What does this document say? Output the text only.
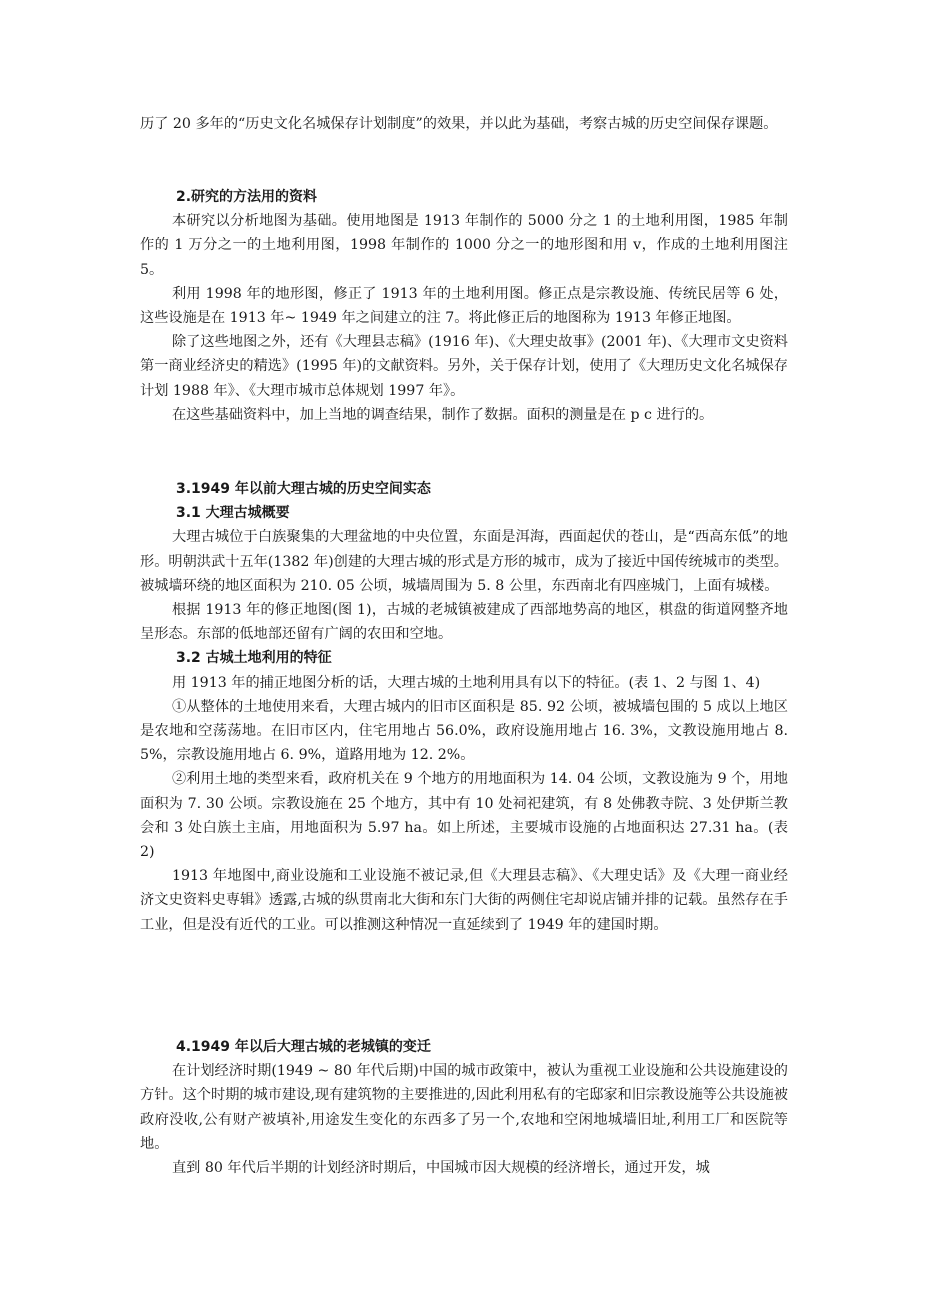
历了 20 多年的“历史文化名城保存计划制度”的效果，并以此为基础，考察古城的历史空间保存课题。

2.研究的方法用的资料

本研究以分析地图为基础。使用地图是 1913 年制作的 5000 分之 1 的土地利用图，1985 年制作的 1 万分之一的土地利用图，1998 年制作的 1000 分之一的地形图和用 v，作成的土地利用图注 5。

利用 1998 年的地形图，修正了 1913 年的土地利用图。修正点是宗教设施、传统民居等 6 处，这些设施是在 1913 年~ 1949 年之间建立的注 7。将此修正后的地图称为 1913 年修正地图。

除了这些地图之外，还有《大理县志稿》(1916 年)、《大理史故事》(2001 年)、《大理市文史资料第一商业经济史的精选》(1995 年)的文献资料。另外，关于保存计划，使用了《大理历史文化名城保存计划 1988 年》、《大理市城市总体规划 1997 年》。

在这些基础资料中，加上当地的调查结果，制作了数据。面积的测量是在 p c 进行的。

3.1949 年以前大理古城的历史空间实态

3.1 大理古城概要

大理古城位于白族聚集的大理盆地的中央位置，东面是洱海，西面起伏的苍山，是“西高东低”的地形。明朝洪武十五年(1382 年)创建的大理古城的形式是方形的城市，成为了接近中国传统城市的类型。被城墙环绕的地区面积为 210. 05 公顷，城墙周围为 5. 8 公里，东西南北有四座城门，上面有城楼。

根据 1913 年的修正地图(图 1)，古城的老城镇被建成了西部地势高的地区，棋盘的街道网整齐地呈形态。东部的低地部还留有广阔的农田和空地。

3.2 古城土地利用的特征

用 1913 年的捕正地图分析的话，大理古城的土地利用具有以下的特征。(表 1、2 与图 1、4)

①从整体的土地使用来看，大理古城内的旧市区面积是 85. 92 公顷，被城墙包围的 5 成以上地区是农地和空荡荡地。在旧市区内，住宅用地占 56.0%，政府设施用地占 16. 3%，文教设施用地占 8. 5%，宗教设施用地占 6. 9%，道路用地为 12. 2%。

②利用土地的类型来看，政府机关在 9 个地方的用地面积为 14. 04 公顷，文教设施为 9 个，用地面积为 7. 30 公顷。宗教设施在 25 个地方，其中有 10 处祠祀建筑，有 8 处佛教寺院、3 处伊斯兰教会和 3 处白族土主庙，用地面积为 5.97 ha。如上所述，主要城市设施的占地面积达 27.31 ha。(表 2)

1913 年地图中,商业设施和工业设施不被记录,但《大理县志稿》、《大理史话》及《大理一商业经济文史资料史専辑》透露,古城的纵贯南北大街和东门大街的两侧住宅却说店铺并排的记载。虽然存在手工业，但是没有近代的工业。可以推测这种情况一直延续到了 1949 年的建国时期。

4.1949 年以后大理古城的老城镇的变迁

在计划经济时期(1949 ~ 80 年代后期)中国的城市政策中，被认为重视工业设施和公共设施建设的方针。这个时期的城市建设,现有建筑物的主要推进的,因此利用私有的宅邸家和旧宗教设施等公共设施被政府没收,公有财产被填补,用途发生变化的东西多了另一个,农地和空闲地城墙旧址,利用工厂和医院等地。

直到 80 年代后半期的计划经济时期后，中国城市因大规模的经济增长，通过开发，城
